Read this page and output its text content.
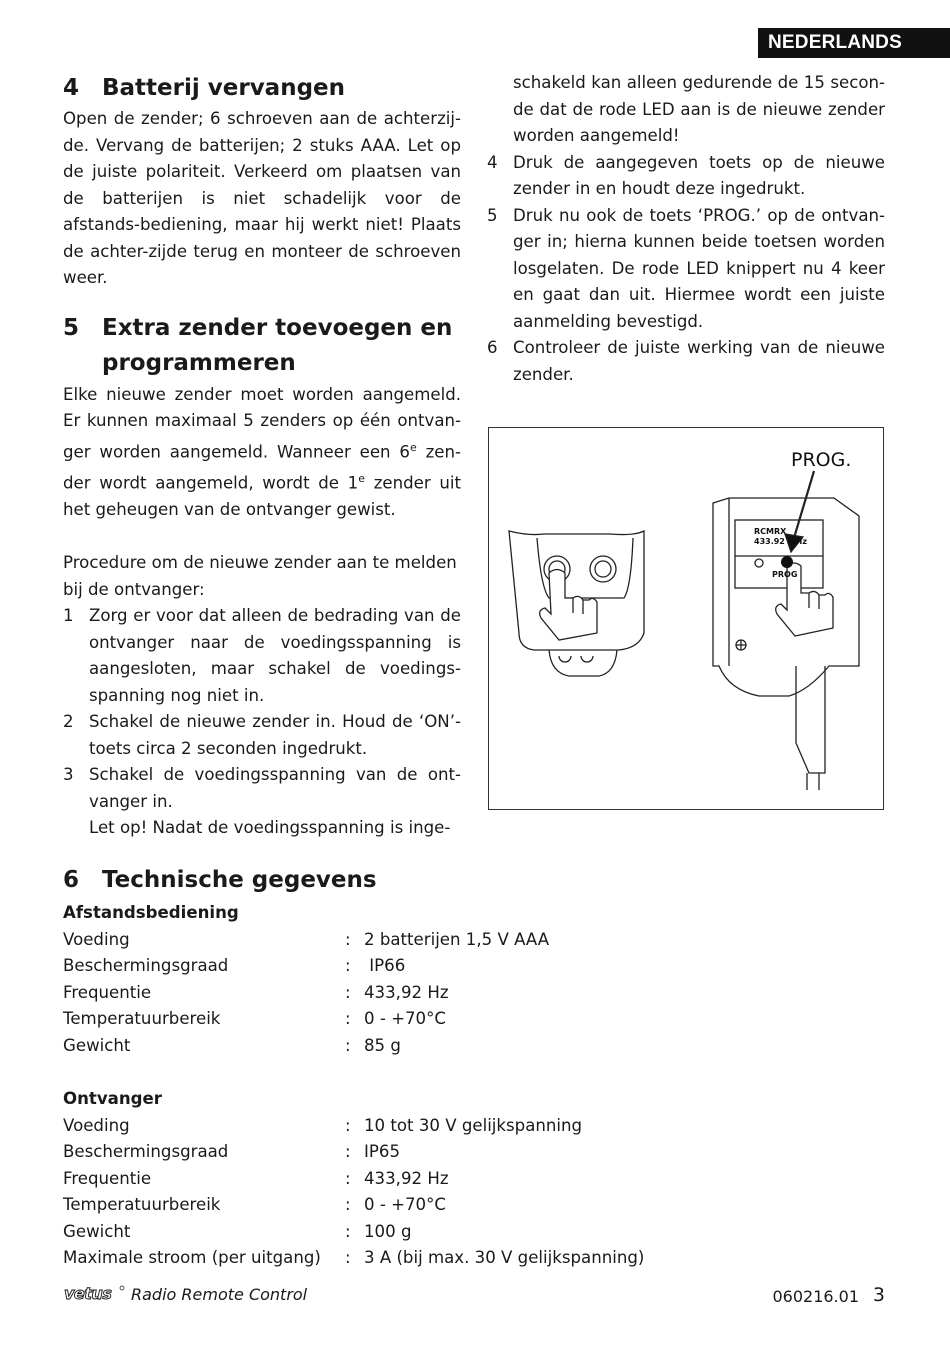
NEDERLANDS
4 Batterij vervangen

Open de zender; 6 schroeven aan de achterzij-de. Vervang de batterijen; 2 stuks AAA. Let op de juiste polariteit. Verkeerd om plaatsen van de batterijen is niet schadelijk voor de afstands-bediening, maar hij werkt niet! Plaats de achter-zijde terug en monteer de schroeven weer.

5 Extra zender toevoegen en programmeren

Elke nieuwe zender moet worden aangemeld. Er kunnen maximaal 5 zenders op één ontvan-ger worden aangemeld. Wanneer een 6e zen-der wordt aangemeld, wordt de 1e zender uit het geheugen van de ontvanger gewist.

Procedure om de nieuwe zender aan te melden bij de ontvanger:

1 Zorg er voor dat alleen de bedrading van de ontvanger naar de voedingsspanning is aangesloten, maar schakel de voedings-spanning nog niet in.
2 Schakel de nieuwe zender in. Houd de ‘ON’-toets circa 2 seconden ingedrukt.
3 Schakel de voedingsspanning van de ont-vanger in.
Let op! Nadat de voedingsspanning is inge-
schakeld kan alleen gedurende de 15 secon-de dat de rode LED aan is de nieuwe zender worden aangemeld!
4 Druk de aangegeven toets op de nieuwe zender in en houdt deze ingedrukt.
5 Druk nu ook de toets ‘PROG.’ op de ontvan-ger in; hierna kunnen beide toetsen worden losgelaten. De rode LED knippert nu 4 keer en gaat dan uit. Hiermee wordt een juiste aanmelding bevestigd.
6 Controleer de juiste werking van de nieuwe zender.
PROG.
RCMRX
433.92 MHz
PROG
6 Technische gegevens
Afstandsbediening
Voeding	: 2 batterijen 1,5 V AAA
Beschermingsgraad	: IP66
Frequentie	: 433,92 Hz
Temperatuurbereik	: 0 - +70°C
Gewicht	: 85 g
Ontvanger
Voeding	: 10 tot 30 V gelijkspanning
Beschermingsgraad	: IP65
Frequentie	: 433,92 Hz
Temperatuurbereik	: 0 - +70°C
Gewicht	: 100 g
Maximale stroom (per uitgang) : 3 A (bij max. 30 V gelijkspanning)
vetus Radio Remote Control	060216.01 3
